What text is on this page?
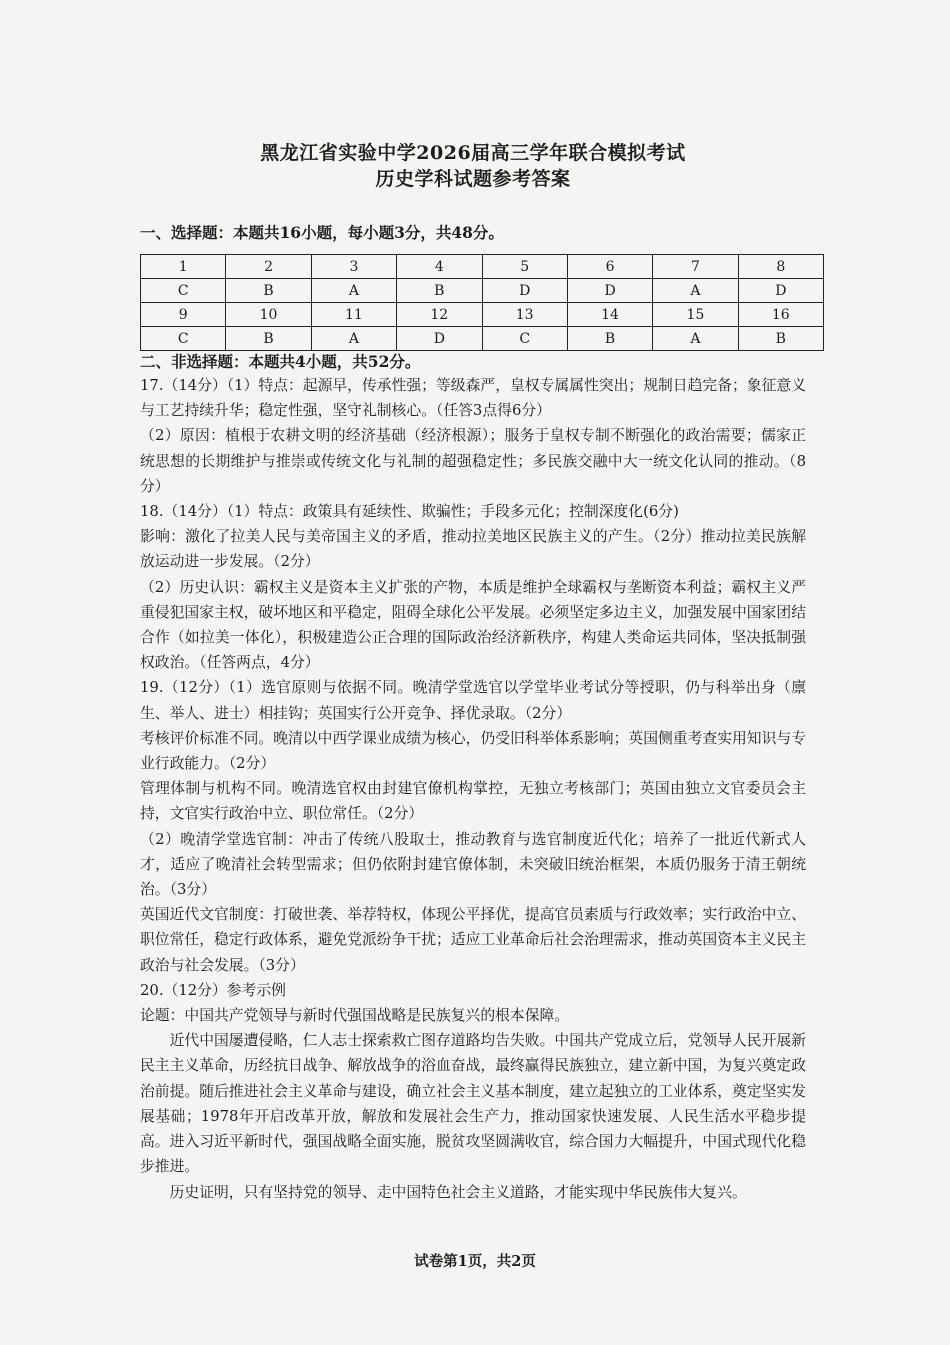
黑龙江省实验中学2026届高三学年联合模拟考试
历史学科试题参考答案
一、选择题：本题共16小题，每小题3分，共48分。
1	2	3	4	5	6	7	8
C	B	A	B	D	D	A	D
9	10	11	12	13	14	15	16
C	B	A	D	C	B	A	B
二、非选择题：本题共4小题，共52分。

17.（14分）（1）特点：起源早，传承性强；等级森严，皇权专属属性突出；规制日趋完备；象征意义与工艺持续升华；稳定性强，坚守礼制核心。（任答3点得6分）

（2）原因：植根于农耕文明的经济基础（经济根源）；服务于皇权专制不断强化的政治需要；儒家正统思想的长期维护与推崇或传统文化与礼制的超强稳定性；多民族交融中大一统文化认同的推动。（8分）

18.（14分）（1）特点：政策具有延续性、欺骗性；手段多元化；控制深度化(6分)

影响：激化了拉美人民与美帝国主义的矛盾，推动拉美地区民族主义的产生。（2分）推动拉美民族解放运动进一步发展。（2分）

（2）历史认识：霸权主义是资本主义扩张的产物，本质是维护全球霸权与垄断资本利益；霸权主义严重侵犯国家主权，破坏地区和平稳定，阻碍全球化公平发展。必须坚定多边主义，加强发展中国家团结合作（如拉美一体化），积极建造公正合理的国际政治经济新秩序，构建人类命运共同体，坚决抵制强权政治。（任答两点，4分）

19.（12分）（1）选官原则与依据不同。晚清学堂选官以学堂毕业考试分等授职，仍与科举出身（廪生、举人、进士）相挂钩；英国实行公开竞争、择优录取。（2分）

考核评价标准不同。晚清以中西学课业成绩为核心，仍受旧科举体系影响；英国侧重考查实用知识与专业行政能力。（2分）

管理体制与机构不同。晚清选官权由封建官僚机构掌控，无独立考核部门；英国由独立文官委员会主持，文官实行政治中立、职位常任。（2分）

（2）晚清学堂选官制：冲击了传统八股取士，推动教育与选官制度近代化；培养了一批近代新式人才，适应了晚清社会转型需求；但仍依附封建官僚体制，未突破旧统治框架，本质仍服务于清王朝统治。（3分）

英国近代文官制度：打破世袭、举荐特权，体现公平择优，提高官员素质与行政效率；实行政治中立、职位常任，稳定行政体系，避免党派纷争干扰；适应工业革命后社会治理需求，推动英国资本主义民主政治与社会发展。（3分）

20.（12分）参考示例

论题：中国共产党领导与新时代强国战略是民族复兴的根本保障。

近代中国屡遭侵略，仁人志士探索救亡图存道路均告失败。中国共产党成立后，党领导人民开展新民主主义革命，历经抗日战争、解放战争的浴血奋战，最终赢得民族独立，建立新中国，为复兴奠定政治前提。随后推进社会主义革命与建设，确立社会主义基本制度，建立起独立的工业体系，奠定坚实发展基础；1978年开启改革开放，解放和发展社会生产力，推动国家快速发展、人民生活水平稳步提高。进入习近平新时代，强国战略全面实施，脱贫攻坚圆满收官，综合国力大幅提升，中国式现代化稳步推进。

历史证明，只有坚持党的领导、走中国特色社会主义道路，才能实现中华民族伟大复兴。

试卷第1页，共2页
